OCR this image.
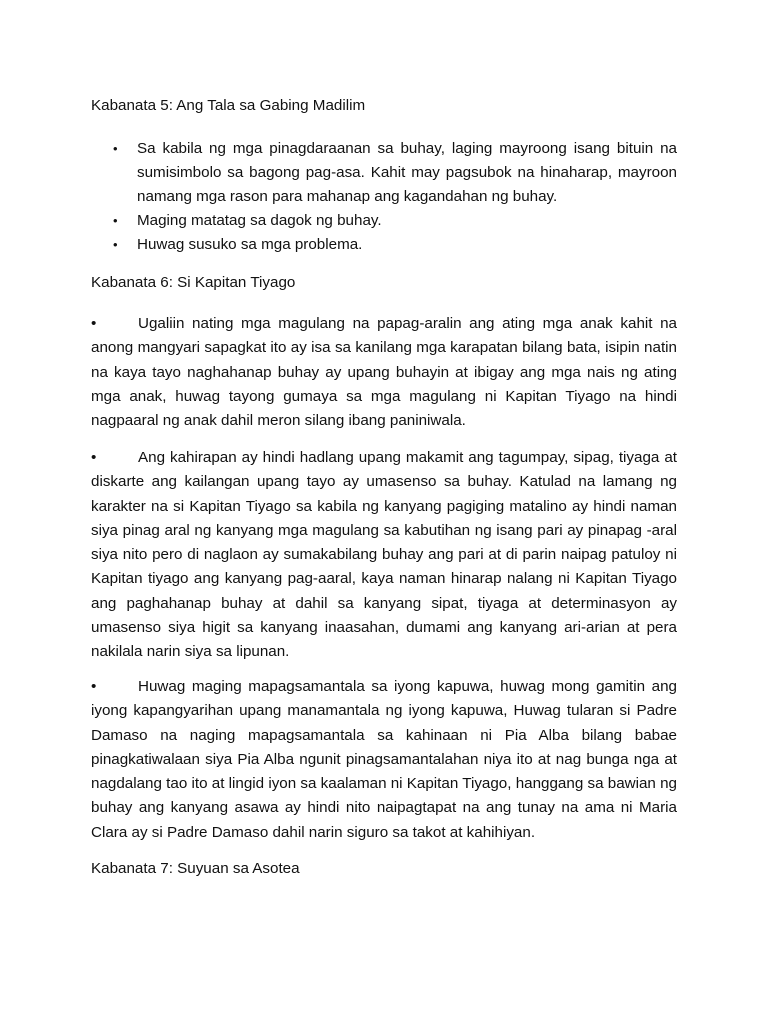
Kabanata 5: Ang Tala sa Gabing Madilim
• Sa kabila ng mga pinagdaraanan sa buhay, laging mayroong isang bituin na sumisimbolo sa bagong pag-asa. Kahit may pagsubok na hinaharap, mayroon namang mga rason para mahanap ang kagandahan ng buhay.
• Maging matatag sa dagok ng buhay.
• Huwag susuko sa mga problema.
Kabanata 6: Si Kapitan Tiyago

•	Ugaliin nating mga magulang na papag-aralin ang ating mga anak kahit na anong mangyari sapagkat ito ay isa sa kanilang mga karapatan bilang bata, isipin natin na kaya tayo naghahanap buhay ay upang buhayin at ibigay ang mga nais ng ating mga anak, huwag tayong gumaya sa mga magulang ni Kapitan Tiyago na hindi nagpaaral ng anak dahil meron silang ibang paniniwala.

•	Ang kahirapan ay hindi hadlang upang makamit ang tagumpay, sipag, tiyaga at diskarte ang kailangan upang tayo ay umasenso sa buhay. Katulad na lamang ng karakter na si Kapitan Tiyago sa kabila ng kanyang pagiging matalino ay hindi naman siya pinag aral ng kanyang mga magulang sa kabutihan ng isang pari ay pinapag -aral siya nito pero di naglaon ay sumakabilang buhay ang pari at di parin naipag patuloy ni Kapitan tiyago ang kanyang pag-aaral, kaya naman hinarap nalang ni Kapitan Tiyago ang paghahanap buhay at dahil sa kanyang sipat, tiyaga at determinasyon ay umasenso siya higit sa kanyang inaasahan, dumami ang kanyang ari-arian at pera nakilala narin siya sa lipunan.

•	Huwag maging mapagsamantala sa iyong kapuwa, huwag mong gamitin ang iyong kapangyarihan upang manamantala ng iyong kapuwa, Huwag tularan si Padre Damaso na naging mapagsamantala sa kahinaan ni Pia Alba bilang babae pinagkatiwalaan siya Pia Alba ngunit pinagsamantalahan niya ito at nag bunga nga at nagdalang tao ito at lingid iyon sa kaalaman ni Kapitan Tiyago, hanggang sa bawian ng buhay ang kanyang asawa ay hindi nito naipagtapat na ang tunay na ama ni Maria Clara ay si Padre Damaso dahil narin siguro sa takot at kahihiyan.

Kabanata 7: Suyuan sa Asotea
